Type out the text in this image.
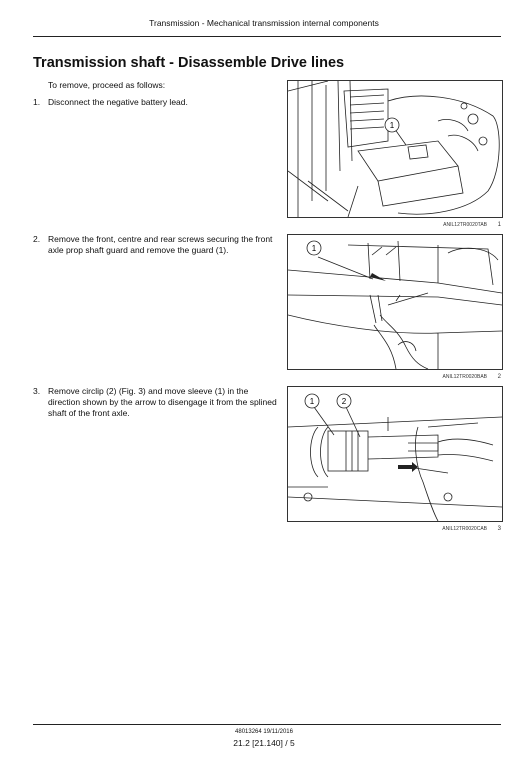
Transmission - Mechanical transmission internal components
Transmission shaft - Disassemble Drive lines
To remove, proceed as follows:
1. Disconnect the negative battery lead.
1
ANIL12TR0020TAB 1
2. Remove the front, centre and rear screws securing the front axle prop shaft guard and remove the guard (1).	1
ANIL12TR0020BAB 2
3. Remove circlip (2) (Fig. 3) and move sleeve (1) in the direction shown by the arrow to disengage it from the splined shaft of the front axle.
1	2
ANIL12TR0020CAB 3
48013264 19/11/2016
21.2 [21.140] / 5
